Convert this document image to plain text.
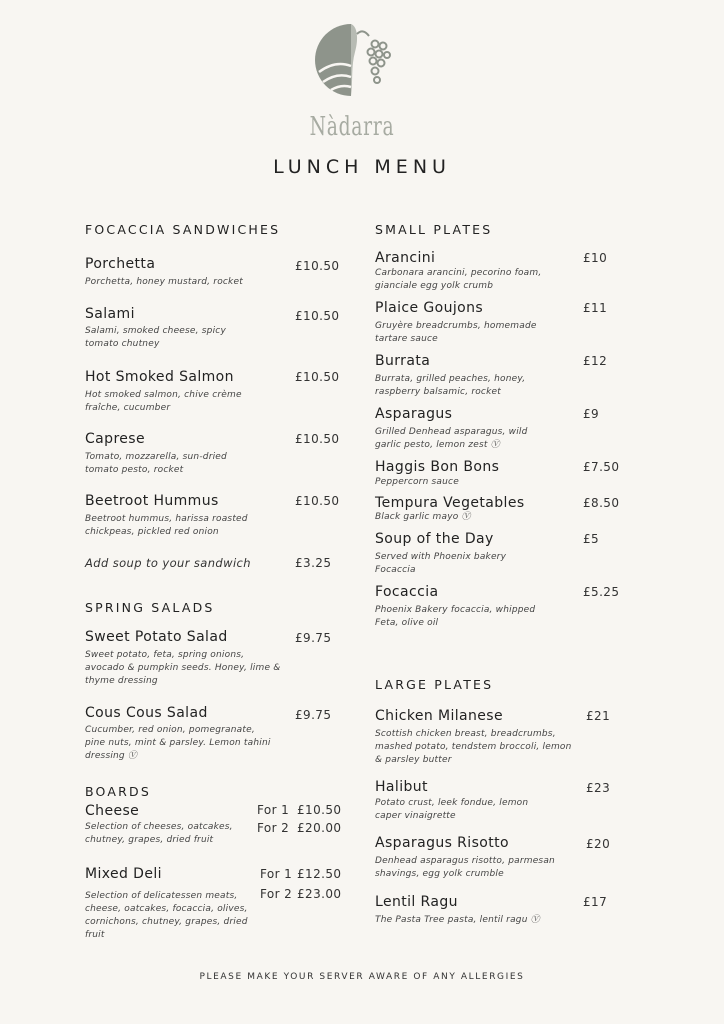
Nàdarra
LUNCH MENU
FOCACCIA SANDWICHES
Porchetta	£10.50
Porchetta, honey mustard, rocket
Salami	£10.50
Salami, smoked cheese, spicy tomato chutney
Hot Smoked Salmon	£10.50
Hot smoked salmon, chive crème fraîche, cucumber
Caprese	£10.50
Tomato, mozzarella, sun-dried tomato pesto, rocket
Beetroot Hummus	£10.50
Beetroot hummus, harissa roasted chickpeas, pickled red onion
Add soup to your sandwich	£3.25
SPRING SALADS
Sweet Potato Salad	£9.75
Sweet potato, feta, spring onions, avocado & pumpkin seeds. Honey, lime & thyme dressing
Cous Cous Salad	£9.75
Cucumber, red onion, pomegranate, pine nuts, mint & parsley. Lemon tahini dressing Ⓥ
BOARDS
Cheese	For 1 £10.50
For 2 £20.00
Selection of cheeses, oatcakes, chutney, grapes, dried fruit
Mixed Deli	For 1 £12.50
For 2 £23.00
Selection of delicatessen meats, cheese, oatcakes, focaccia, olives, cornichons, chutney, grapes, dried fruit
SMALL PLATES
Arancini	£10
Carbonara arancini, pecorino foam, gianciale egg yolk crumb
Plaice Goujons	£11
Gruyère breadcrumbs, homemade tartare sauce
Burrata	£12
Burrata, grilled peaches, honey, raspberry balsamic, rocket
Asparagus	£9
Grilled Denhead asparagus, wild garlic pesto, lemon zest Ⓥ
Haggis Bon Bons	£7.50
Peppercorn sauce
Tempura Vegetables	£8.50
Black garlic mayo Ⓥ
Soup of the Day	£5
Served with Phoenix bakery Focaccia
Focaccia	£5.25
Phoenix Bakery focaccia, whipped Feta, olive oil
LARGE PLATES
Chicken Milanese	£21
Scottish chicken breast, breadcrumbs, mashed potato, tendstem broccoli, lemon & parsley butter
Halibut	£23
Potato crust, leek fondue, lemon caper vinaigrette
Asparagus Risotto	£20
Denhead asparagus risotto, parmesan shavings, egg yolk crumble
Lentil Ragu	£17
The Pasta Tree pasta, lentil ragu Ⓥ
PLEASE MAKE YOUR SERVER AWARE OF ANY ALLERGIES
